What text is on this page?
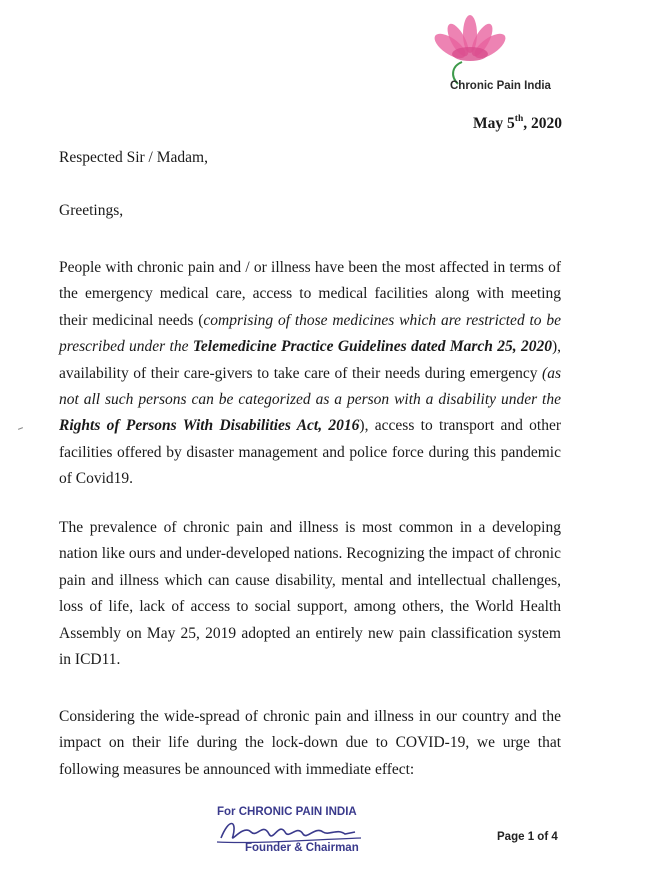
Chronic Pain India
May 5th, 2020
Respected Sir / Madam,
Greetings,
People with chronic pain and / or illness have been the most affected in terms of the emergency medical care, access to medical facilities along with meeting their medicinal needs (comprising of those medicines which are restricted to be prescribed under the Telemedicine Practice Guidelines dated March 25, 2020), availability of their care-givers to take care of their needs during emergency (as not all such persons can be categorized as a person with a disability under the Rights of Persons With Disabilities Act, 2016), access to transport and other facilities offered by disaster management and police force during this pandemic of Covid19.
The prevalence of chronic pain and illness is most common in a developing nation like ours and under-developed nations. Recognizing the impact of chronic pain and illness which can cause disability, mental and intellectual challenges, loss of life, lack of access to social support, among others, the World Health Assembly on May 25, 2019 adopted an entirely new pain classification system in ICD11.
Considering the wide-spread of chronic pain and illness in our country and the impact on their life during the lock-down due to COVID-19, we urge that following measures be announced with immediate effect:
For CHRONIC PAIN INDIA
Founder & Chairman
Page 1 of 4
